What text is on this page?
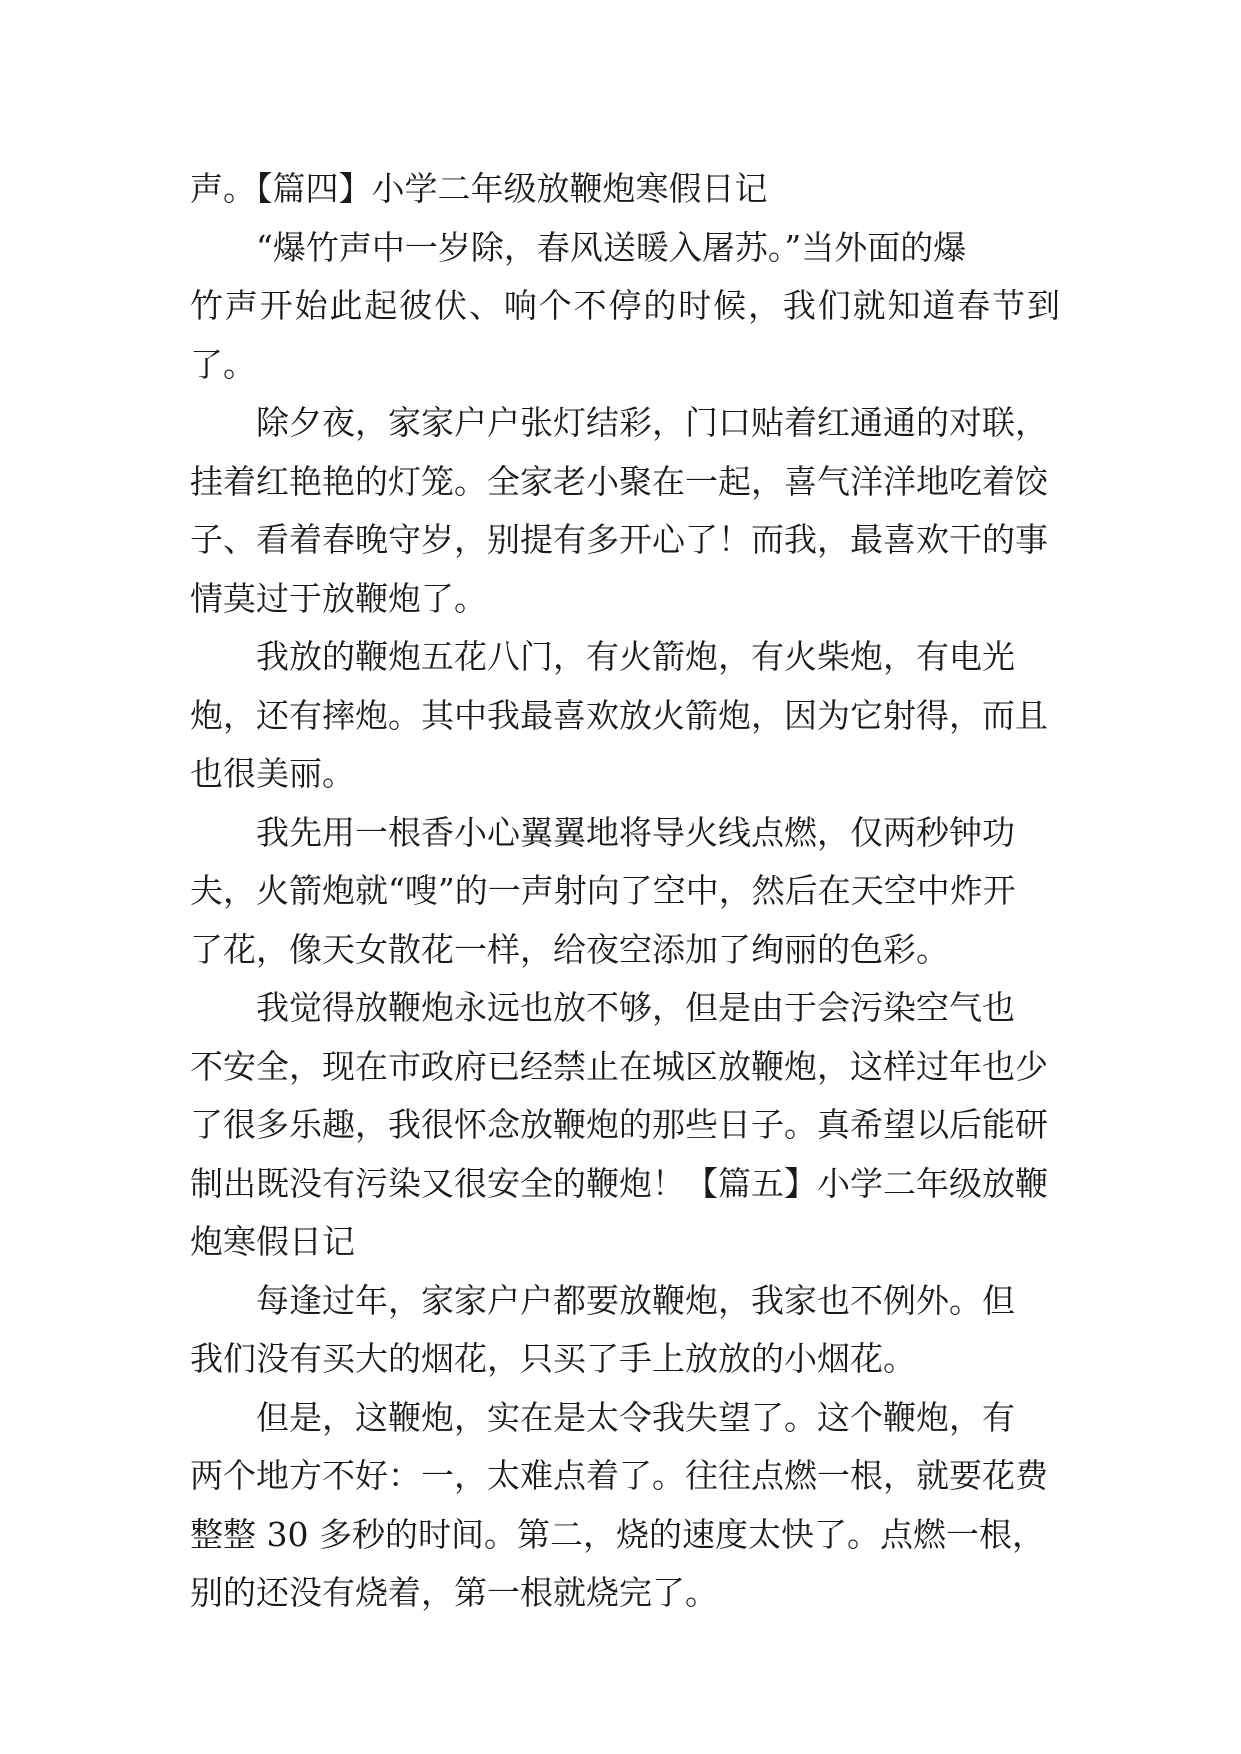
声。【篇四】小学二年级放鞭炮寒假日记

“爆竹声中一岁除，春风送暖入屠苏。”当外面的爆
竹声开始此起彼伏、响个不停的时候，我们就知道春节到了。

除夕夜，家家户户张灯结彩，门口贴着红通通的对联，
挂着红艳艳的灯笼。全家老小聚在一起，喜气洋洋地吃着饺
子、看着春晚守岁，别提有多开心了！而我，最喜欢干的事
情莫过于放鞭炮了。

我放的鞭炮五花八门，有火箭炮，有火柴炮，有电光
炮，还有摔炮。其中我最喜欢放火箭炮，因为它射得，而且
也很美丽。

我先用一根香小心翼翼地将导火线点燃，仅两秒钟功
夫，火箭炮就“嗖”的一声射向了空中，然后在天空中炸开
了花，像天女散花一样，给夜空添加了绚丽的色彩。

我觉得放鞭炮永远也放不够，但是由于会污染空气也
不安全，现在市政府已经禁止在城区放鞭炮，这样过年也少
了很多乐趣，我很怀念放鞭炮的那些日子。真希望以后能研
制出既没有污染又很安全的鞭炮！【篇五】小学二年级放鞭
炮寒假日记

每逢过年，家家户户都要放鞭炮，我家也不例外。但
我们没有买大的烟花，只买了手上放放的小烟花。

但是，这鞭炮，实在是太令我失望了。这个鞭炮，有
两个地方不好：一，太难点着了。往往点燃一根，就要花费
整整 30 多秒的时间。第二，烧的速度太快了。点燃一根，
别的还没有烧着，第一根就烧完了。
